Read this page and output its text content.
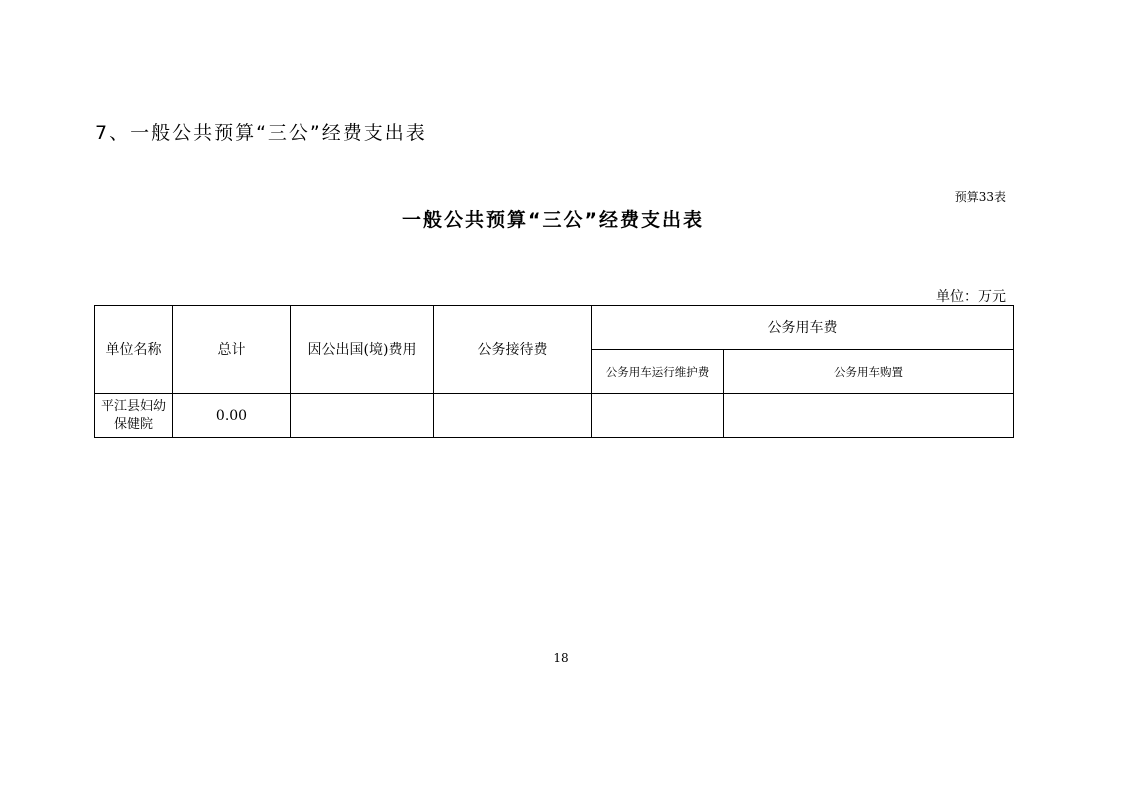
7、一般公共预算“三公”经费支出表
预算33表
一般公共预算“三公”经费支出表
单位：万元
单位名称	总计	因公出国(境)费用	公务接待费	公务用车费	
				公务用车运行维护费	公务用车购置
平江县妇幼保健院	0.00				
18
